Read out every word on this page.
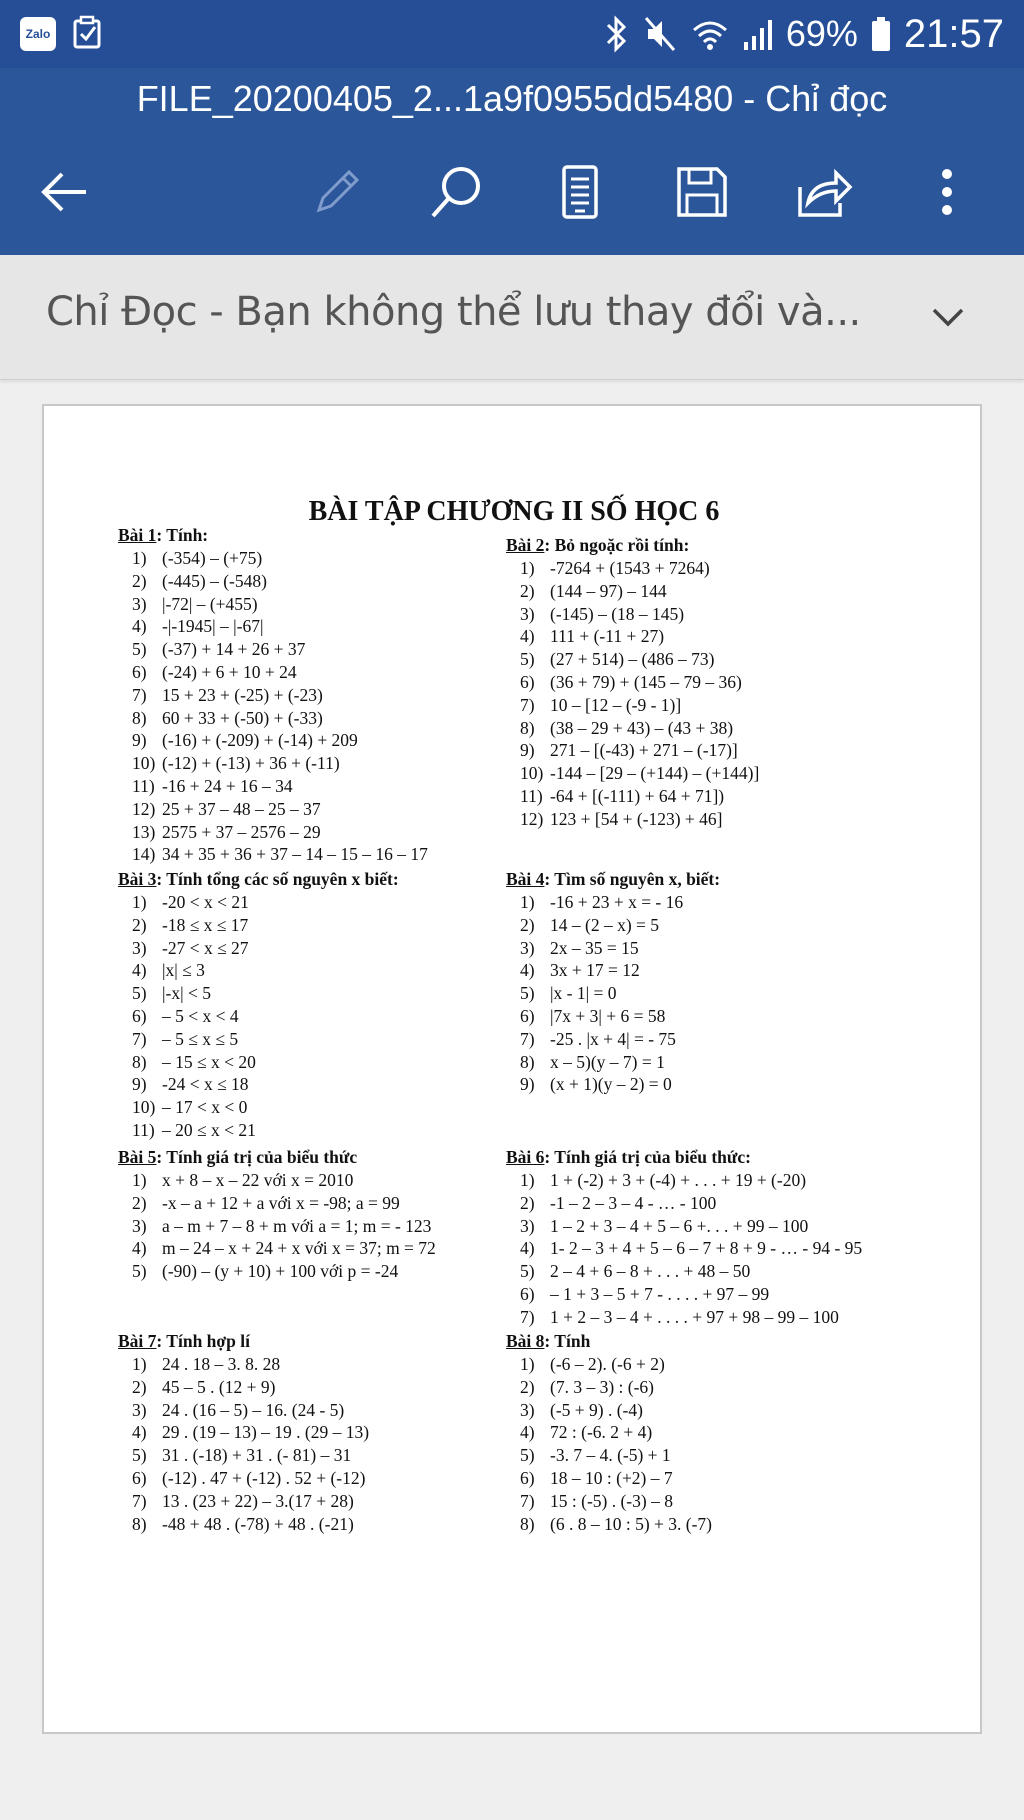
Zalo	69% 21:57
FILE_20200405_2...1a9f0955dd5480 - Chỉ đọc
Chỉ Đọc - Bạn không thể lưu thay đổi và...
BÀI TẬP CHƯƠNG II SỐ HỌC 6
Bài 1: Tính:
1) (-354) – (+75)
2) (-445) – (-548)
3) |-72| – (+455)
4) -|-1945| – |-67|
5) (-37) + 14 + 26 + 37
6) (-24) + 6 + 10 + 24
7) 15 + 23 + (-25) + (-23)
8) 60 + 33 + (-50) + (-33)
9) (-16) + (-209) + (-14) + 209
10) (-12) + (-13) + 36 + (-11)
11) -16 + 24 + 16 – 34
12) 25 + 37 – 48 – 25 – 37
13) 2575 + 37 – 2576 – 29
14) 34 + 35 + 36 + 37 – 14 – 15 – 16 – 17
Bài 2: Bỏ ngoặc rồi tính:
1) -7264 + (1543 + 7264)
2) (144 – 97) – 144
3) (-145) – (18 – 145)
4) 111 + (-11 + 27)
5) (27 + 514) – (486 – 73)
6) (36 + 79) + (145 – 79 – 36)
7) 10 – [12 – (-9 - 1)]
8) (38 – 29 + 43) – (43 + 38)
9) 271 – [(-43) + 271 – (-17)]
10) -144 – [29 – (+144) – (+144)]
11) -64 + [(-111) + 64 + 71])
12) 123 + [54 + (-123) + 46]
Bài 3: Tính tổng các số nguyên x biết:
1) -20 < x < 21
2) -18 ≤ x ≤ 17
3) -27 < x ≤ 27
4) |x| ≤ 3
5) |-x| < 5
6) – 5 < x < 4
7) – 5 ≤ x ≤ 5
8) – 15 ≤ x < 20
9) -24 < x ≤ 18
10) – 17 < x < 0
11) – 20 ≤ x < 21
Bài 4: Tìm số nguyên x, biết:
1) -16 + 23 + x = - 16
2) 14 – (2 – x) = 5
3) 2x – 35 = 15
4) 3x + 17 = 12
5) |x - 1| = 0
6) |7x + 3| + 6 = 58
7) -25 . |x + 4| = - 75
8) x – 5)(y – 7) = 1
9) (x + 1)(y – 2) = 0
Bài 5: Tính giá trị của biểu thức
1) x + 8 – x – 22 với x = 2010
2) -x – a + 12 + a với x = -98; a = 99
3) a – m + 7 – 8 + m với a = 1; m = - 123
4) m – 24 – x + 24 + x với x = 37; m = 72
5) (-90) – (y + 10) + 100 với p = -24
Bài 6: Tính giá trị của biểu thức:
1) 1 + (-2) + 3 + (-4) + . . . + 19 + (-20)
2) -1 – 2 – 3 – 4 - … - 100
3) 1 – 2 + 3 – 4 + 5 – 6 +. . . + 99 – 100
4) 1- 2 – 3 + 4 + 5 – 6 – 7 + 8 + 9 - … - 94 - 95
5) 2 – 4 + 6 – 8 + . . . + 48 – 50
6) – 1 + 3 – 5 + 7 - . . . . + 97 – 99
7) 1 + 2 – 3 – 4 + . . . . + 97 + 98 – 99 – 100
Bài 7: Tính hợp lí
1) 24 . 18 – 3. 8. 28
2) 45 – 5 . (12 + 9)
3) 24 . (16 – 5) – 16. (24 - 5)
4) 29 . (19 – 13) – 19 . (29 – 13)
5) 31 . (-18) + 31 . (- 81) – 31
6) (-12) . 47 + (-12) . 52 + (-12)
7) 13 . (23 + 22) – 3.(17 + 28)
8) -48 + 48 . (-78) + 48 . (-21)
Bài 8: Tính
1) (-6 – 2). (-6 + 2)
2) (7. 3 – 3) : (-6)
3) (-5 + 9) . (-4)
4) 72 : (-6. 2 + 4)
5) -3. 7 – 4. (-5) + 1
6) 18 – 10 : (+2) – 7
7) 15 : (-5) . (-3) – 8
8) (6 . 8 – 10 : 5) + 3. (-7)
